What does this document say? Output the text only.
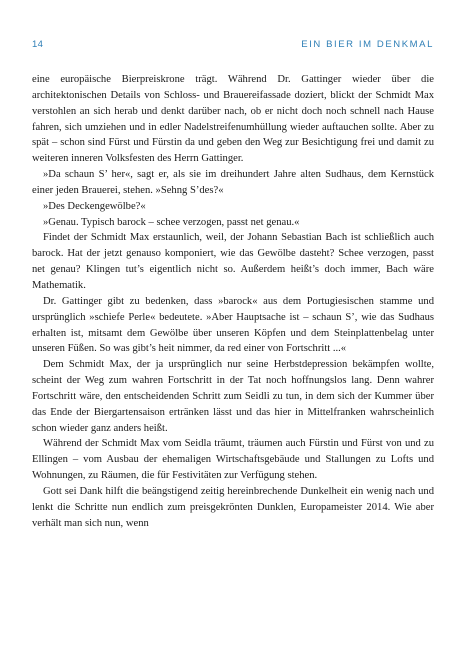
14	EIN BIER IM DENKMAL

eine europäische Bierpreiskrone trägt. Während Dr. Gattinger wieder über die architektonischen Details von Schloss- und Brauereifassade doziert, blickt der Schmidt Max verstohlen an sich herab und denkt darüber nach, ob er nicht doch noch schnell nach Hause fahren, sich umziehen und in edler Nadelstreifenumhüllung wieder auftauchen sollte. Aber zu spät – schon sind Fürst und Fürstin da und geben den Weg zur Besichtigung frei und damit zu weiteren inneren Volksfesten des Herrn Gattinger.

»Da schaun S’ her«, sagt er, als sie im dreihundert Jahre alten Sudhaus, dem Kernstück einer jeden Brauerei, stehen. »Sehng S’des?«

»Des Deckengewölbe?«

»Genau. Typisch barock – schee verzogen, passt net genau.«

Findet der Schmidt Max erstaunlich, weil, der Johann Sebastian Bach ist schließlich auch barock. Hat der jetzt genauso komponiert, wie das Gewölbe dasteht? Schee verzogen, passt net genau? Klingen tut’s eigentlich nicht so. Außerdem heißt’s doch immer, Bach wäre Mathematik.

Dr. Gattinger gibt zu bedenken, dass »barock« aus dem Portugiesischen stamme und ursprünglich »schiefe Perle« bedeutete. »Aber Hauptsache ist – schaun S’, wie das Sudhaus erhalten ist, mitsamt dem Gewölbe über unseren Köpfen und dem Steinplattenbelag unter unseren Füßen. So was gibt’s heit nimmer, da red einer von Fortschritt ...«

Dem Schmidt Max, der ja ursprünglich nur seine Herbstdepression bekämpfen wollte, scheint der Weg zum wahren Fortschritt in der Tat noch hoffnungslos lang. Denn wahrer Fortschritt wäre, den entscheidenden Schritt zum Seidli zu tun, in dem sich der Kummer über das Ende der Biergartensaison ertränken lässt und das hier in Mittelfranken wahrscheinlich schon wieder ganz anders heißt.

Während der Schmidt Max vom Seidla träumt, träumen auch Fürstin und Fürst von und zu Ellingen – vom Ausbau der ehemaligen Wirtschaftsgebäude und Stallungen zu Lofts und Wohnungen, zu Räumen, die für Festivitäten zur Verfügung stehen.

Gott sei Dank hilft die beängstigend zeitig hereinbrechende Dunkelheit ein wenig nach und lenkt die Schritte nun endlich zum preisgekrönten Dunklen, Europameister 2014. Wie aber verhält man sich nun, wenn
